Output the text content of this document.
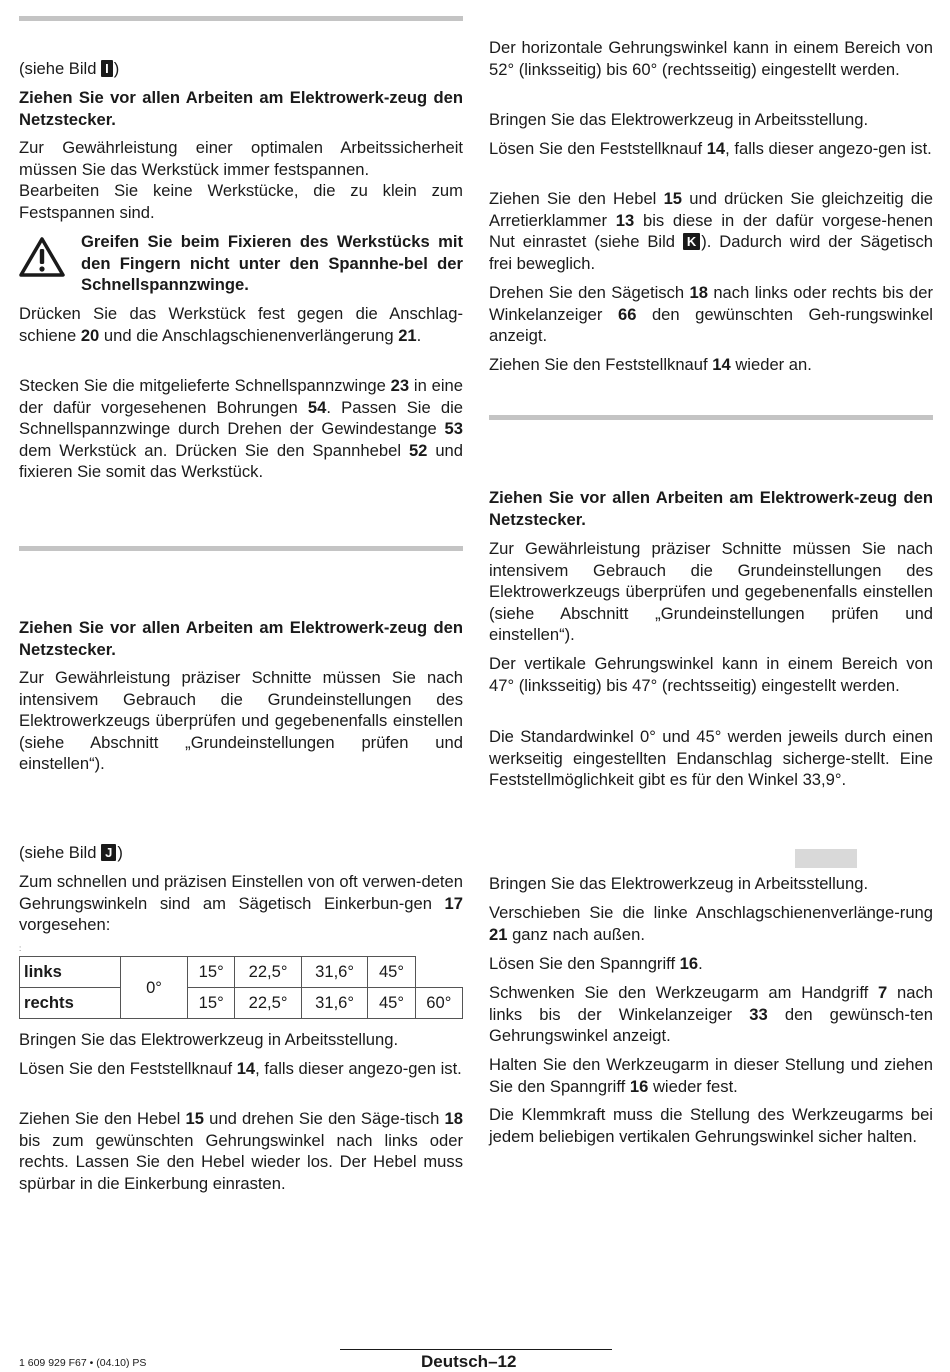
(siehe Bild I )

Ziehen Sie vor allen Arbeiten am Elektrowerk-zeug den Netzstecker.

Zur Gewährleistung einer optimalen Arbeitssicherheit müssen Sie das Werkstück immer festspannen.

Bearbeiten Sie keine Werkstücke, die zu klein zum Festspannen sind.

Greifen Sie beim Fixieren des Werkstücks mit den Fingern nicht unter den Spannhe-bel der Schnellspannzwinge.

Drücken Sie das Werkstück fest gegen die Anschlag-schiene 20 und die Anschlagschienenverlängerung 21.

Stecken Sie die mitgelieferte Schnellspannzwinge 23 in eine der dafür vorgesehenen Bohrungen 54. Passen Sie die Schnellspannzwinge durch Drehen der Gewindestange 53 dem Werkstück an. Drücken Sie den Spannhebel 52 und fixieren Sie somit das Werkstück.

Ziehen Sie vor allen Arbeiten am Elektrowerk-zeug den Netzstecker.

Zur Gewährleistung präziser Schnitte müssen Sie nach intensivem Gebrauch die Grundeinstellungen des Elektrowerkzeugs überprüfen und gegebenenfalls einstellen (siehe Abschnitt „Grundeinstellungen prüfen und einstellen“).

(siehe Bild J )

Zum schnellen und präzisen Einstellen von oft verwen-deten Gehrungswinkeln sind am Sägetisch Einkerbun-gen 17 vorgesehen:

:
links	0°	15°	22,5°	31,6°	45°	
rechts		15°	22,5°	31,6°	45°	60°

Bringen Sie das Elektrowerkzeug in Arbeitsstellung.

Lösen Sie den Feststellknauf 14, falls dieser angezo-gen ist.

Ziehen Sie den Hebel 15 und drehen Sie den Säge-tisch 18 bis zum gewünschten Gehrungswinkel nach links oder rechts. Lassen Sie den Hebel wieder los. Der Hebel muss spürbar in die Einkerbung einrasten.

Der horizontale Gehrungswinkel kann in einem Bereich von 52° (linksseitig) bis 60° (rechtsseitig) eingestellt werden.

Bringen Sie das Elektrowerkzeug in Arbeitsstellung.

Lösen Sie den Feststellknauf 14, falls dieser angezo-gen ist.

Ziehen Sie den Hebel 15 und drücken Sie gleichzeitig die Arretierklammer 13 bis diese in der dafür vorgese-henen Nut einrastet (siehe Bild K ). Dadurch wird der Sägetisch frei beweglich.

Drehen Sie den Sägetisch 18 nach links oder rechts bis der Winkelanzeiger 66 den gewünschten Geh-rungswinkel anzeigt.

Ziehen Sie den Feststellknauf 14 wieder an.

Ziehen Sie vor allen Arbeiten am Elektrowerk-zeug den Netzstecker.

Zur Gewährleistung präziser Schnitte müssen Sie nach intensivem Gebrauch die Grundeinstellungen des Elektrowerkzeugs überprüfen und gegebenenfalls einstellen (siehe Abschnitt „Grundeinstellungen prüfen und einstellen“).

Der vertikale Gehrungswinkel kann in einem Bereich von 47° (linksseitig) bis 47° (rechtsseitig) eingestellt werden.

Die Standardwinkel 0° und 45° werden jeweils durch einen werkseitig eingestellten Endanschlag sicherge-stellt. Eine Feststellmöglichkeit gibt es für den Winkel 33,9°.

Bringen Sie das Elektrowerkzeug in Arbeitsstellung.

Verschieben Sie die linke Anschlagschienenverlänge-rung 21 ganz nach außen.

Lösen Sie den Spanngriff 16.

Schwenken Sie den Werkzeugarm am Handgriff 7 nach links bis der Winkelanzeiger 33 den gewünsch-ten Gehrungswinkel anzeigt.

Halten Sie den Werkzeugarm in dieser Stellung und ziehen Sie den Spanngriff 16 wieder fest.

Die Klemmkraft muss die Stellung des Werkzeugarms bei jedem beliebigen vertikalen Gehrungswinkel sicher halten.

1 609 929 F67 • (04.10) PS	Deutsch–12
